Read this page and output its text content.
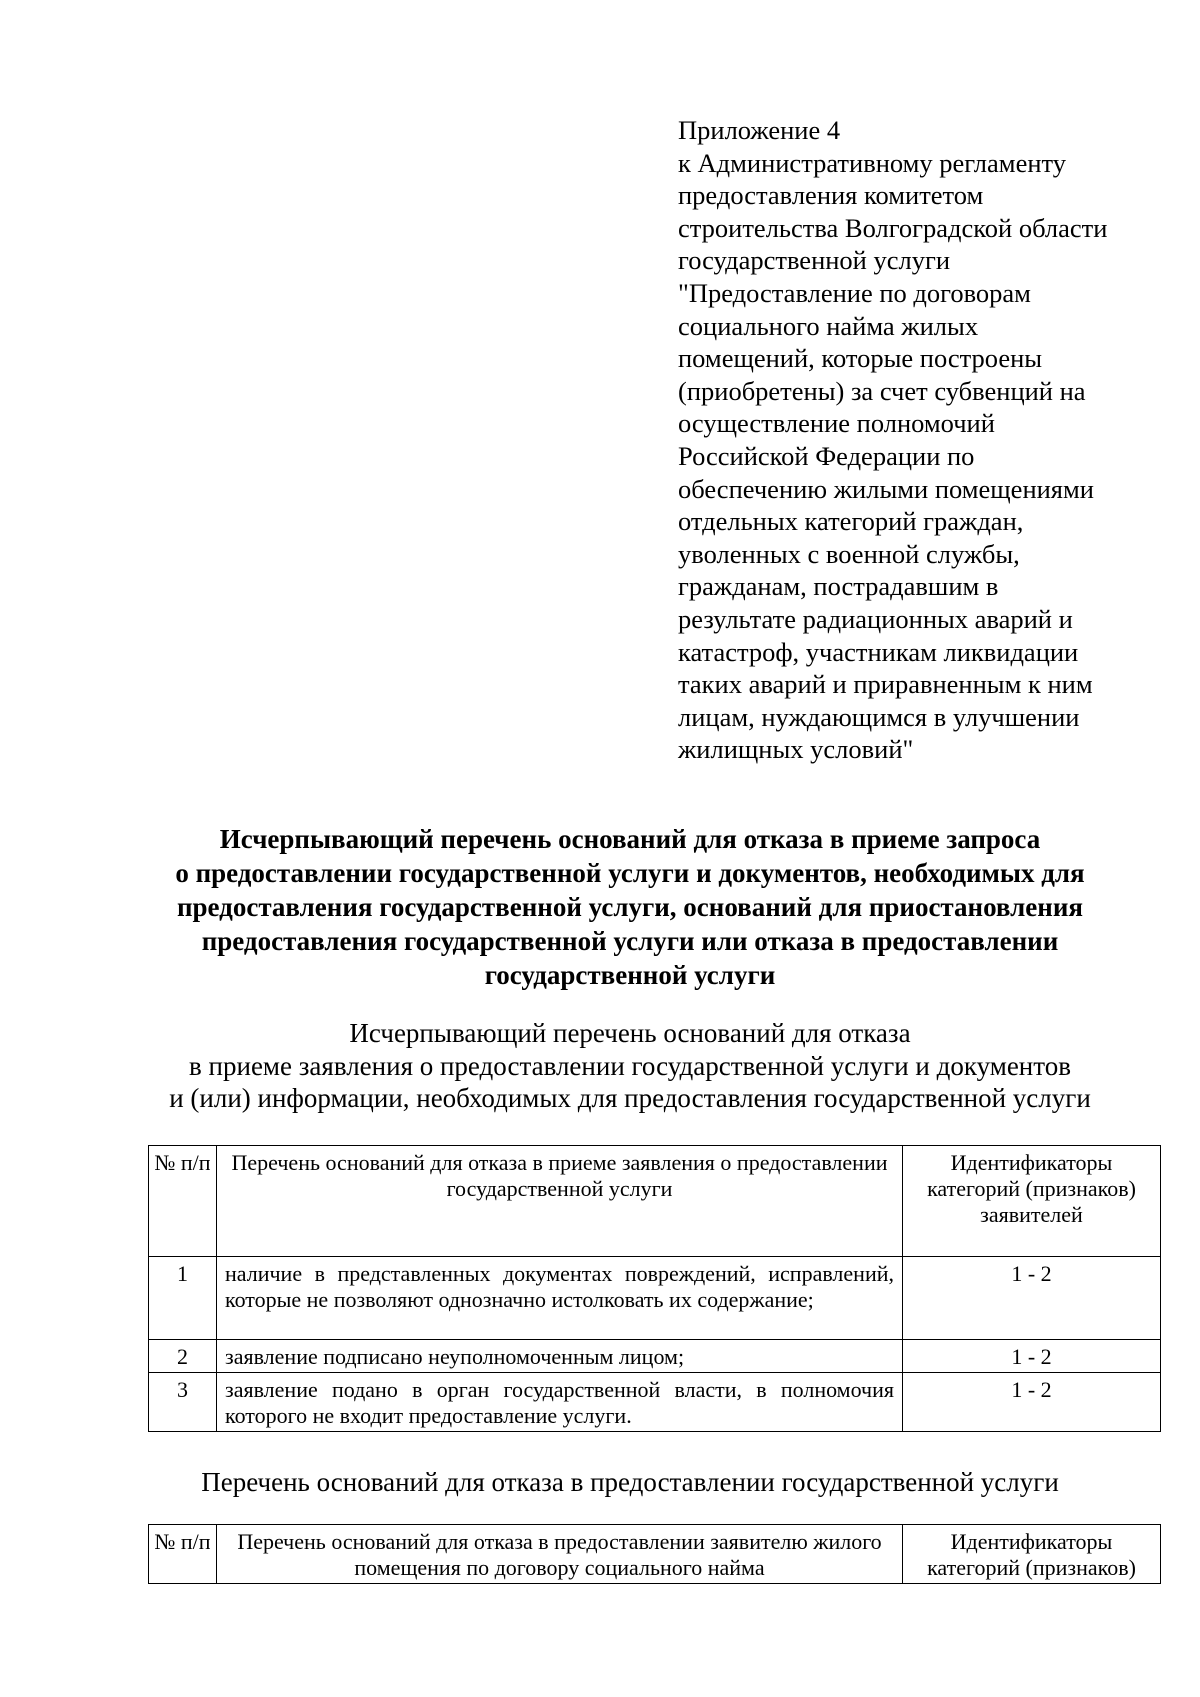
Приложение 4
к Административному регламенту
предоставления комитетом
строительства Волгоградской области
государственной услуги
"Предоставление по договорам
социального найма жилых
помещений, которые построены
(приобретены) за счет субвенций на
осуществление полномочий
Российской Федерации по
обеспечению жилыми помещениями
отдельных категорий граждан,
уволенных с военной службы,
гражданам, пострадавшим в
результате радиационных аварий и
катастроф, участникам ликвидации
таких аварий и приравненным к ним
лицам, нуждающимся в улучшении
жилищных условий"
Исчерпывающий перечень оснований для отказа в приеме запроса
о предоставлении государственной услуги и документов, необходимых для
предоставления государственной услуги, оснований для приостановления
предоставления государственной услуги или отказа в предоставлении
государственной услуги
Исчерпывающий перечень оснований для отказа
в приеме заявления о предоставлении государственной услуги и документов
и (или) информации, необходимых для предоставления государственной услуги
№ п/п	Перечень оснований для отказа в приеме заявления о предоставлении государственной услуги	Идентификаторы категорий (признаков) заявителей
1	наличие в представленных документах повреждений, исправлений, которые не позволяют однозначно истолковать их содержание;	1 - 2
2	заявление подписано неуполномоченным лицом;	1 - 2
3	заявление подано в орган государственной власти, в полномочия которого не входит предоставление услуги.	1 - 2
Перечень оснований для отказа в предоставлении государственной услуги
№ п/п	Перечень оснований для отказа в предоставлении заявителю жилого помещения по договору социального найма	Идентификаторы категорий (признаков)
